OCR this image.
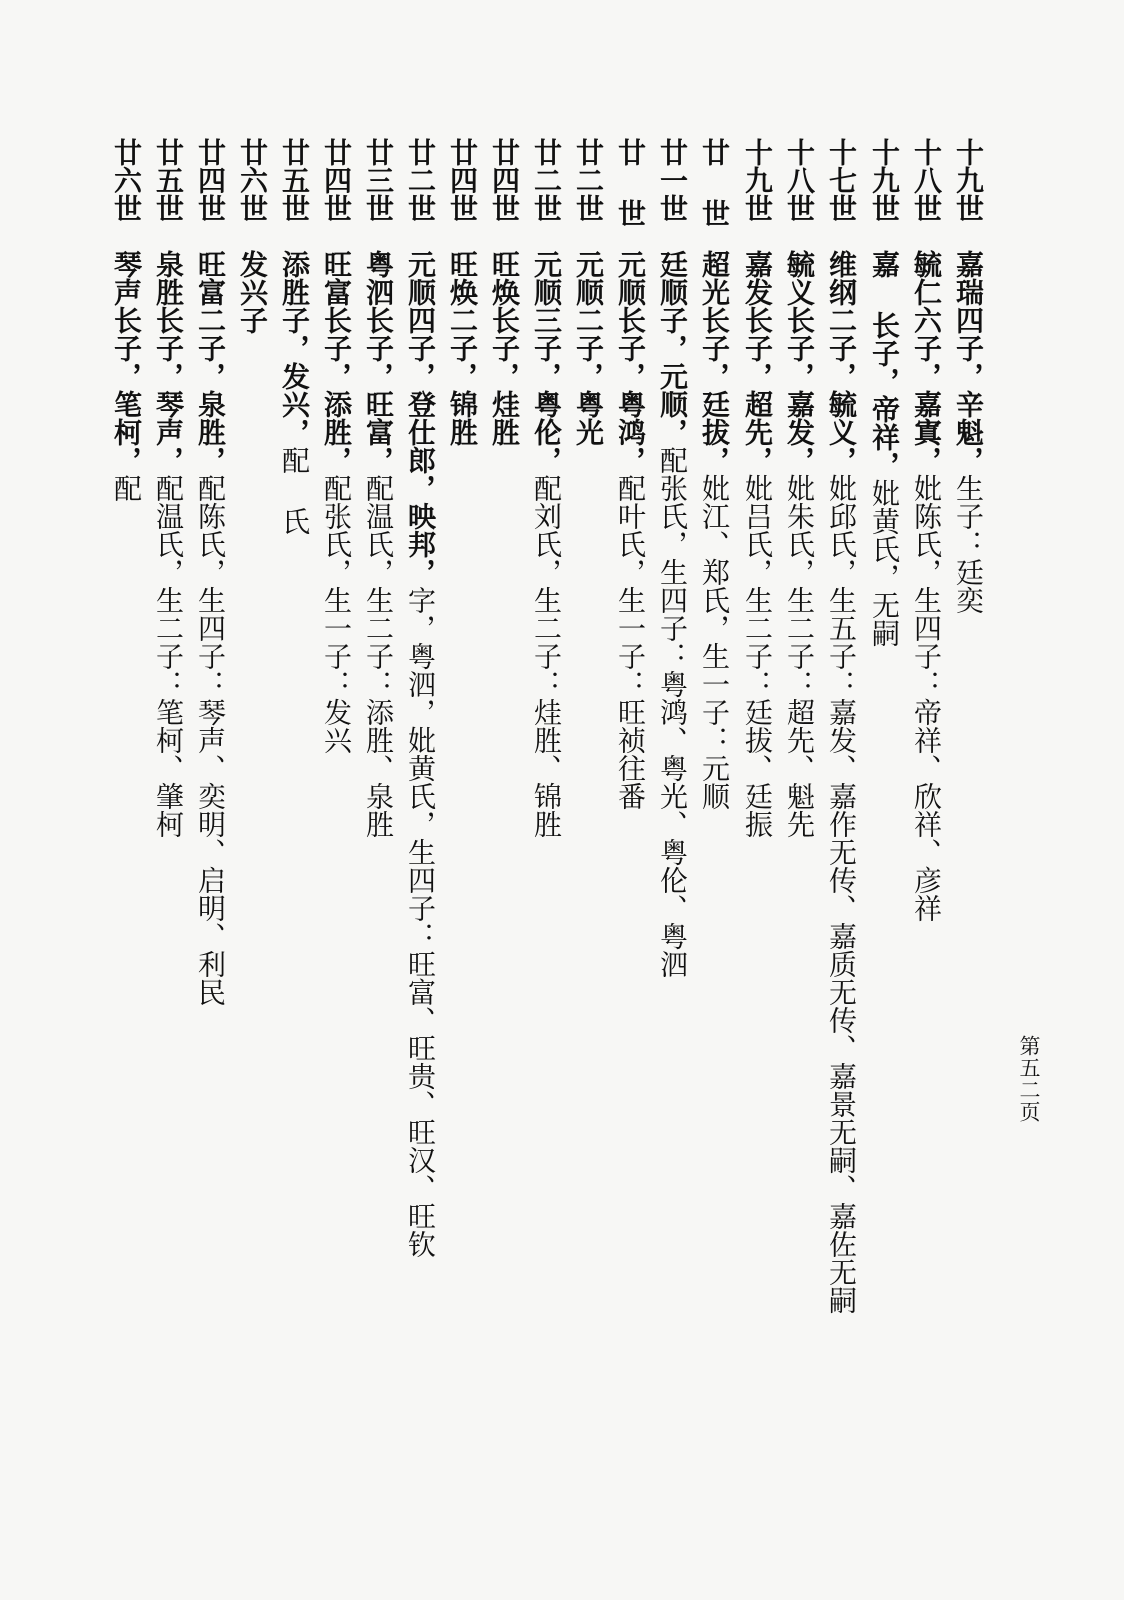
十九世嘉瑞四子，辛魁，生子：廷奕
十八世毓仁六子，嘉寘，妣陈氏，生四子：帝祥、欣祥、彦祥
十九世嘉 长子，帝祥，妣黄氏，无嗣
十七世维纲二子，毓义，妣邱氏，生五子：嘉发、嘉作无传、嘉质无传、嘉景无嗣、嘉佐无嗣
十八世毓义长子，嘉发，妣朱氏，生二子：超先、魁先
十九世嘉发长子，超先，妣吕氏，生二子：廷拔、廷振
廿 世超光长子，廷拔，妣江、郑氏，生一子：元顺
廿一世廷顺子，元顺，配张氏，生四子：粤鸿、粤光、粤伦、粤泗
廿 世元顺长子，粤鸿，配叶氏，生一子：旺祯往番
廿二世元顺二子，粤光
廿二世元顺三子，粤伦，配刘氏，生二子：烓胜、锦胜
廿四世旺焕长子，烓胜
廿四世旺焕二子，锦胜
廿二世元顺四子，登仕郎，映邦，字，粤泗，妣黄氏，生四子：旺富、旺贵、旺汉、旺钦
廿三世粤泗长子，旺富，配温氏，生二子：添胜、泉胜
廿四世旺富长子，添胜，配张氏，生一子：发兴
廿五世添胜子，发兴，配 氏
廿六世发兴子
廿四世旺富二子，泉胜，配陈氏，生四子：琴声、奕明、启明、利民
廿五世泉胜长子，琴声，配温氏，生二子：笔柯、肇柯
廿六世琴声长子，笔柯，配
第五二页
